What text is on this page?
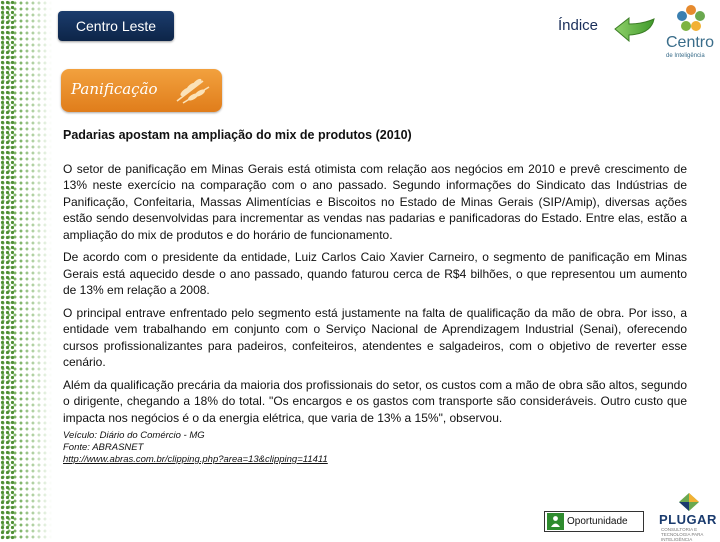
Centro Leste	Índice
Centro
de Inteligência
Panificação
Padarias apostam na ampliação do mix de produtos (2010)

O setor de panificação em Minas Gerais está otimista com relação aos negócios em 2010 e prevê crescimento de 13% neste exercício na comparação com o ano passado. Segundo informações do Sindicato das Indústrias de Panificação, Confeitaria, Massas Alimentícias e Biscoitos no Estado de Minas Gerais (SIP/Amip), diversas ações estão sendo desenvolvidas para incrementar as vendas nas padarias e panificadoras do Estado. Entre elas, estão a ampliação do mix de produtos e do horário de funcionamento.

De acordo com o presidente da entidade, Luiz Carlos Caio Xavier Carneiro, o segmento de panificação em Minas Gerais está aquecido desde o ano passado, quando faturou cerca de R$4 bilhões, o que representou um aumento de 13% em relação a 2008.

O principal entrave enfrentado pelo segmento está justamente na falta de qualificação da mão de obra. Por isso, a entidade vem trabalhando em conjunto com o Serviço Nacional de Aprendizagem Industrial (Senai), oferecendo cursos profissionalizantes para padeiros, confeiteiros, atendentes e salgadeiros, com o objetivo de reverter esse cenário.

Além da qualificação precária da maioria dos profissionais do setor, os custos com a mão de obra são altos, segundo o dirigente, chegando a 18% do total. "Os encargos e os gastos com transporte são consideráveis. Outro custo que impacta nos negócios é o da energia elétrica, que varia de 13% a 15%", observou.

Veículo: Diário do Comércio - MG
Fonte: ABRASNET
http://www.abras.com.br/clipping.php?area=13&clipping=11411
Oportunidade PLUGAR
CONSULTORIA E TECNOLOGIA PARA INTELIGÊNCIA
